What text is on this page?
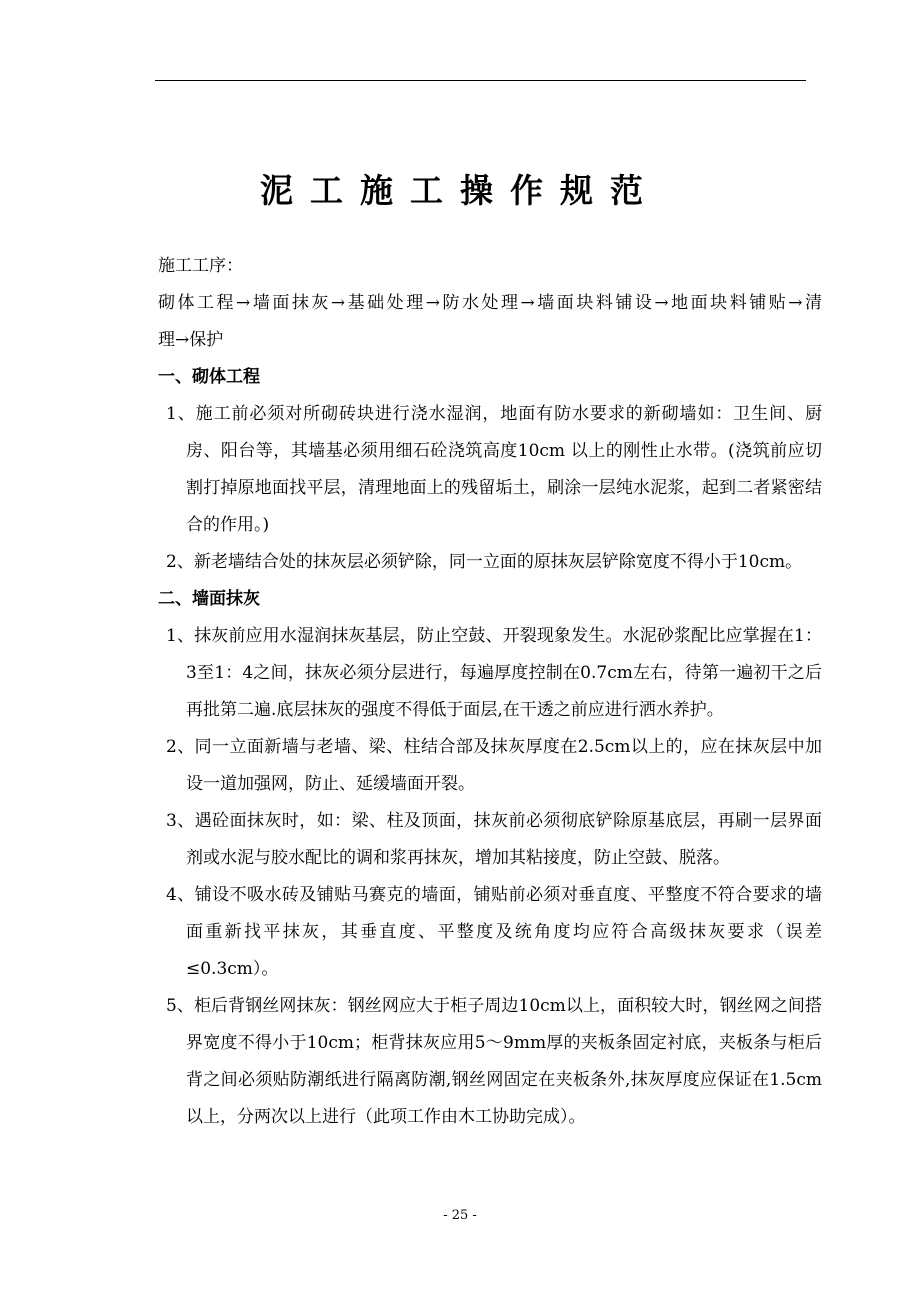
泥工施工操作规范
施工工序：
砌体工程→墙面抹灰→基础处理→防水处理→墙面块料铺设→地面块料铺贴→清
理→保护
一、砌体工程
1、施工前必须对所砌砖块进行浇水湿润，地面有防水要求的新砌墙如：卫生间、厨房、阳台等，其墙基必须用细石砼浇筑高度10cm 以上的刚性止水带。(浇筑前应切割打掉原地面找平层，清理地面上的残留垢土，刷涂一层纯水泥浆，起到二者紧密结合的作用。)
2、新老墙结合处的抹灰层必须铲除，同一立面的原抹灰层铲除宽度不得小于10cm。
二、墙面抹灰
1、抹灰前应用水湿润抹灰基层，防止空鼓、开裂现象发生。水泥砂浆配比应掌握在1：3至1：4之间，抹灰必须分层进行，每遍厚度控制在0.7cm左右，待第一遍初干之后再批第二遍.底层抹灰的强度不得低于面层,在干透之前应进行洒水养护。
2、同一立面新墙与老墙、梁、柱结合部及抹灰厚度在2.5cm以上的，应在抹灰层中加设一道加强网，防止、延缓墙面开裂。
3、遇砼面抹灰时，如：梁、柱及顶面，抹灰前必须彻底铲除原基底层，再刷一层界面剂或水泥与胶水配比的调和浆再抹灰，增加其粘接度，防止空鼓、脱落。
4、铺设不吸水砖及铺贴马赛克的墙面，铺贴前必须对垂直度、平整度不符合要求的墙面重新找平抹灰，其垂直度、平整度及统角度均应符合高级抹灰要求（误差≤0.3cm）。
5、柜后背钢丝网抹灰：钢丝网应大于柜子周边10cm以上，面积较大时，钢丝网之间搭界宽度不得小于10cm；柜背抹灰应用5～9mm厚的夹板条固定衬底，夹板条与柜后背之间必须贴防潮纸进行隔离防潮,钢丝网固定在夹板条外,抹灰厚度应保证在1.5cm以上，分两次以上进行（此项工作由木工协助完成）。
- 25 -
